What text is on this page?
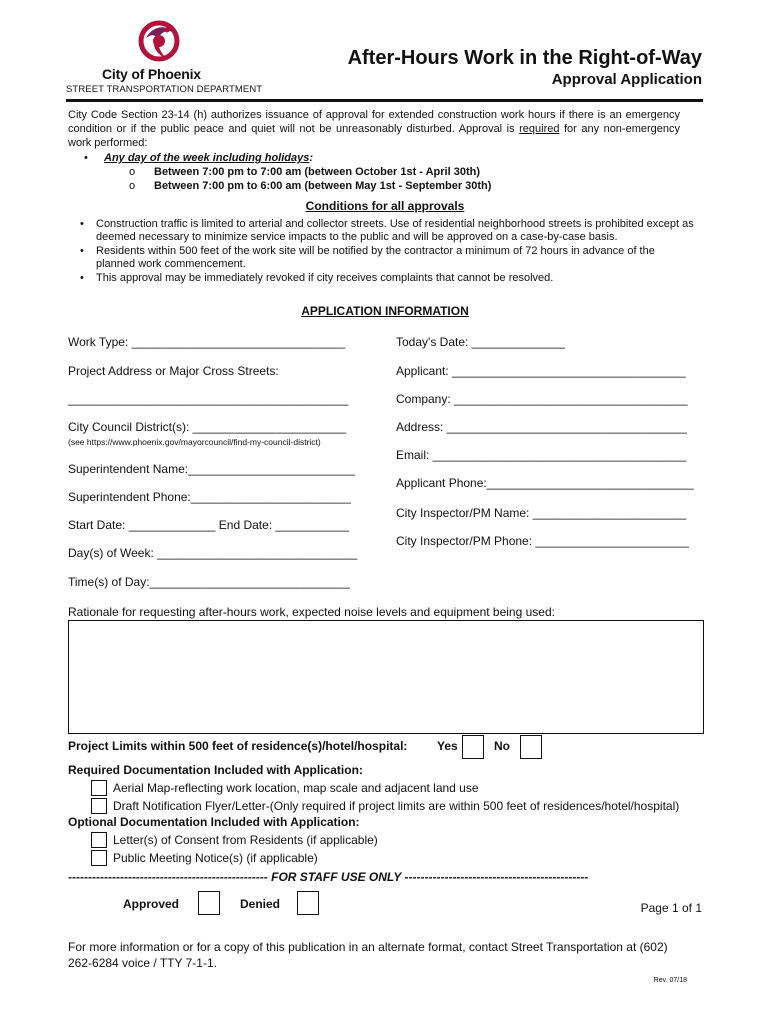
City of Phoenix
STREET TRANSPORTATION DEPARTMENT
After-Hours Work in the Right-of-Way
Approval Application
City Code Section 23-14 (h) authorizes issuance of approval for extended construction work hours if there is an emergency condition or if the public peace and quiet will not be unreasonably disturbed. Approval is required for any non-emergency work performed:
• Any day of the week including holidays:
o Between 7:00 pm to 7:00 am (between October 1st - April 30th)
o Between 7:00 pm to 6:00 am (between May 1st - September 30th)
Conditions for all approvals
• Construction traffic is limited to arterial and collector streets. Use of residential neighborhood streets is prohibited except as deemed necessary to minimize service impacts to the public and will be approved on a case-by-case basis.
• Residents within 500 feet of the work site will be notified by the contractor a minimum of 72 hours in advance of the planned work commencement.
• This approval may be immediately revoked if city receives complaints that cannot be resolved.
APPLICATION INFORMATION
Work Type: ________________________________
Project Address or Major Cross Streets:
__________________________________________
City Council District(s): _______________________
(see https://www.phoenix.gov/mayorcouncil/find-my-council-district)
Superintendent Name:_________________________
Superintendent Phone:________________________
Start Date: _____________ End Date: ___________
Day(s) of Week: ______________________________
Time(s) of Day:______________________________
Today's Date: ______________
Applicant: ___________________________________
Company: ___________________________________
Address: ____________________________________
Email: ______________________________________
Applicant Phone:_______________________________
City Inspector/PM Name: _______________________
City Inspector/PM Phone: _______________________
Rationale for requesting after-hours work, expected noise levels and equipment being used:
Project Limits within 500 feet of residence(s)/hotel/hospital: Yes	No
Required Documentation Included with Application:
Aerial Map-reflecting work location, map scale and adjacent land use
Draft Notification Flyer/Letter-(Only required if project limits are within 500 feet of residences/hotel/hospital)
Optional Documentation Included with Application:
Letter(s) of Consent from Residents (if applicable)
Public Meeting Notice(s) (if applicable)
-------------------------------------------------- FOR STAFF USE ONLY ----------------------------------------------
Approved	Denied	Page 1 of 1
For more information or for a copy of this publication in an alternate format, contact Street Transportation at (602) 262-6284 voice / TTY 7-1-1.
Rev. 07/18
